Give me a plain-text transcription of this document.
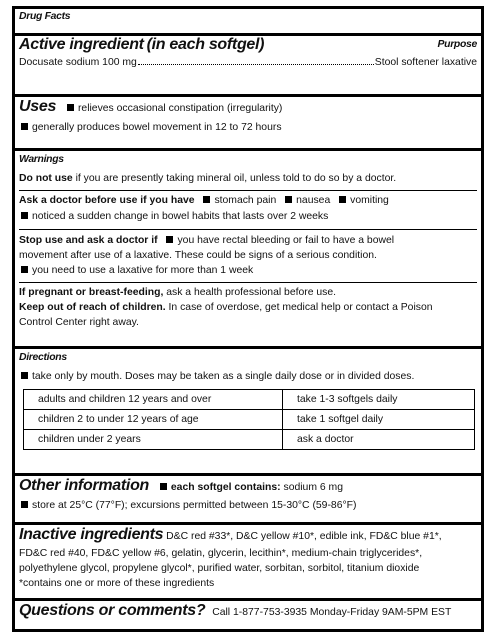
Drug Facts
Active ingredient (in each softgel)	Purpose
Docusate sodium 100 mg	Stool softener laxative
Uses relieves occasional constipation (irregularity)
generally produces bowel movement in 12 to 72 hours
Warnings
Do not use if you are presently taking mineral oil, unless told to do so by a doctor.
Ask a doctor before use if you have stomach pain nausea vomiting
noticed a sudden change in bowel habits that lasts over 2 weeks
Stop use and ask a doctor if you have rectal bleeding or fail to have a bowel
movement after use of a laxative. These could be signs of a serious condition.
you need to use a laxative for more than 1 week
If pregnant or breast-feeding, ask a health professional before use.
Keep out of reach of children. In case of overdose, get medical help or contact a Poison
Control Center right away.
Directions
take only by mouth. Doses may be taken as a single daily dose or in divided doses.
adults and children 12 years and over	take 1-3 softgels daily
children 2 to under 12 years of age	take 1 softgel daily
children under 2 years	ask a doctor
Other information each softgel contains: sodium 6 mg
store at 25°C (77°F); excursions permitted between 15-30°C (59-86°F)
Inactive ingredients D&C red #33*, D&C yellow #10*, edible ink, FD&C blue #1*,
FD&C red #40, FD&C yellow #6, gelatin, glycerin, lecithin*, medium-chain triglycerides*,
polyethylene glycol, propylene glycol*, purified water, sorbitan, sorbitol, titanium dioxide
*contains one or more of these ingredients
Questions or comments? Call 1-877-753-3935 Monday-Friday 9AM-5PM EST
